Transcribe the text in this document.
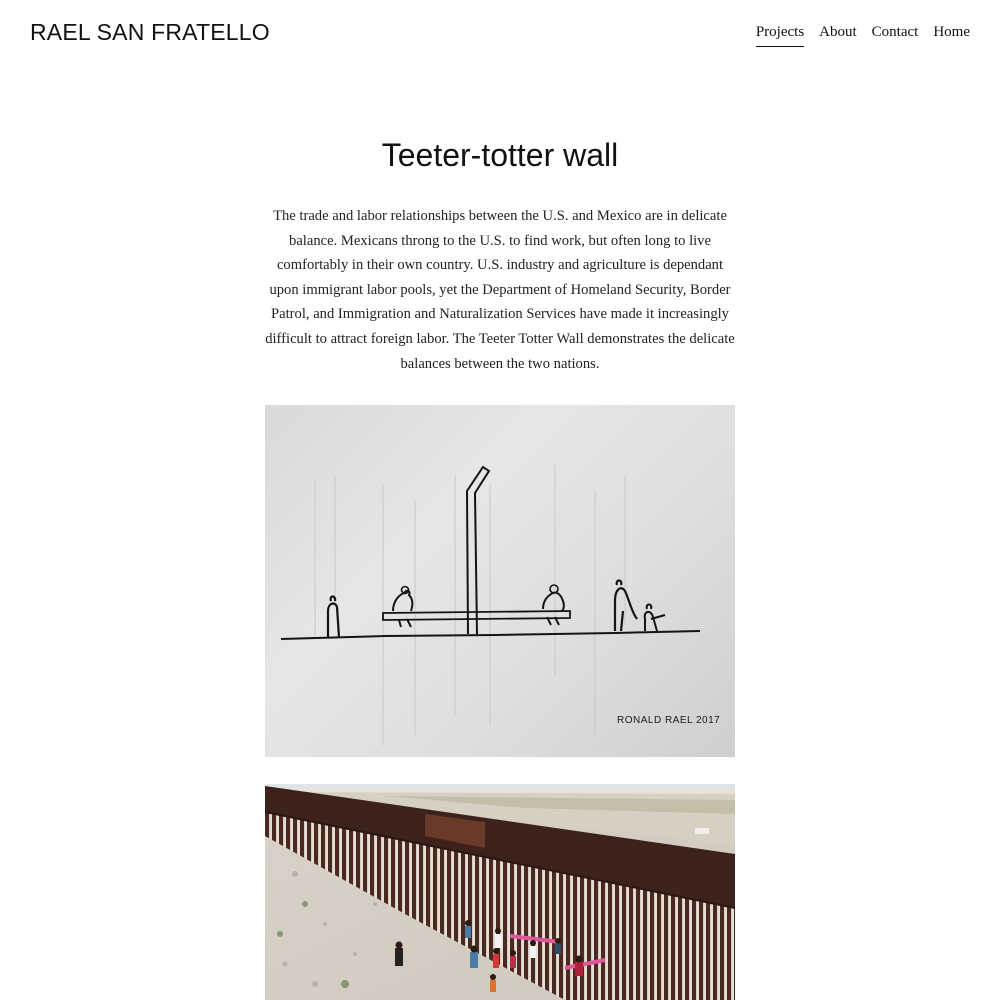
RAEL SAN FRATELLO	Projects About Contact Home
Teeter-totter wall

The trade and labor relationships between the U.S. and Mexico are in delicate balance. Mexicans throng to the U.S. to find work, but often long to live comfortably in their own country. U.S. industry and agriculture is dependant upon immigrant labor pools, yet the Department of Homeland Security, Border Patrol, and Immigration and Naturalization Services have made it increasingly difficult to attract foreign labor. The Teeter Totter Wall demonstrates the delicate balances between the two nations.

RONALD RAEL 2017
